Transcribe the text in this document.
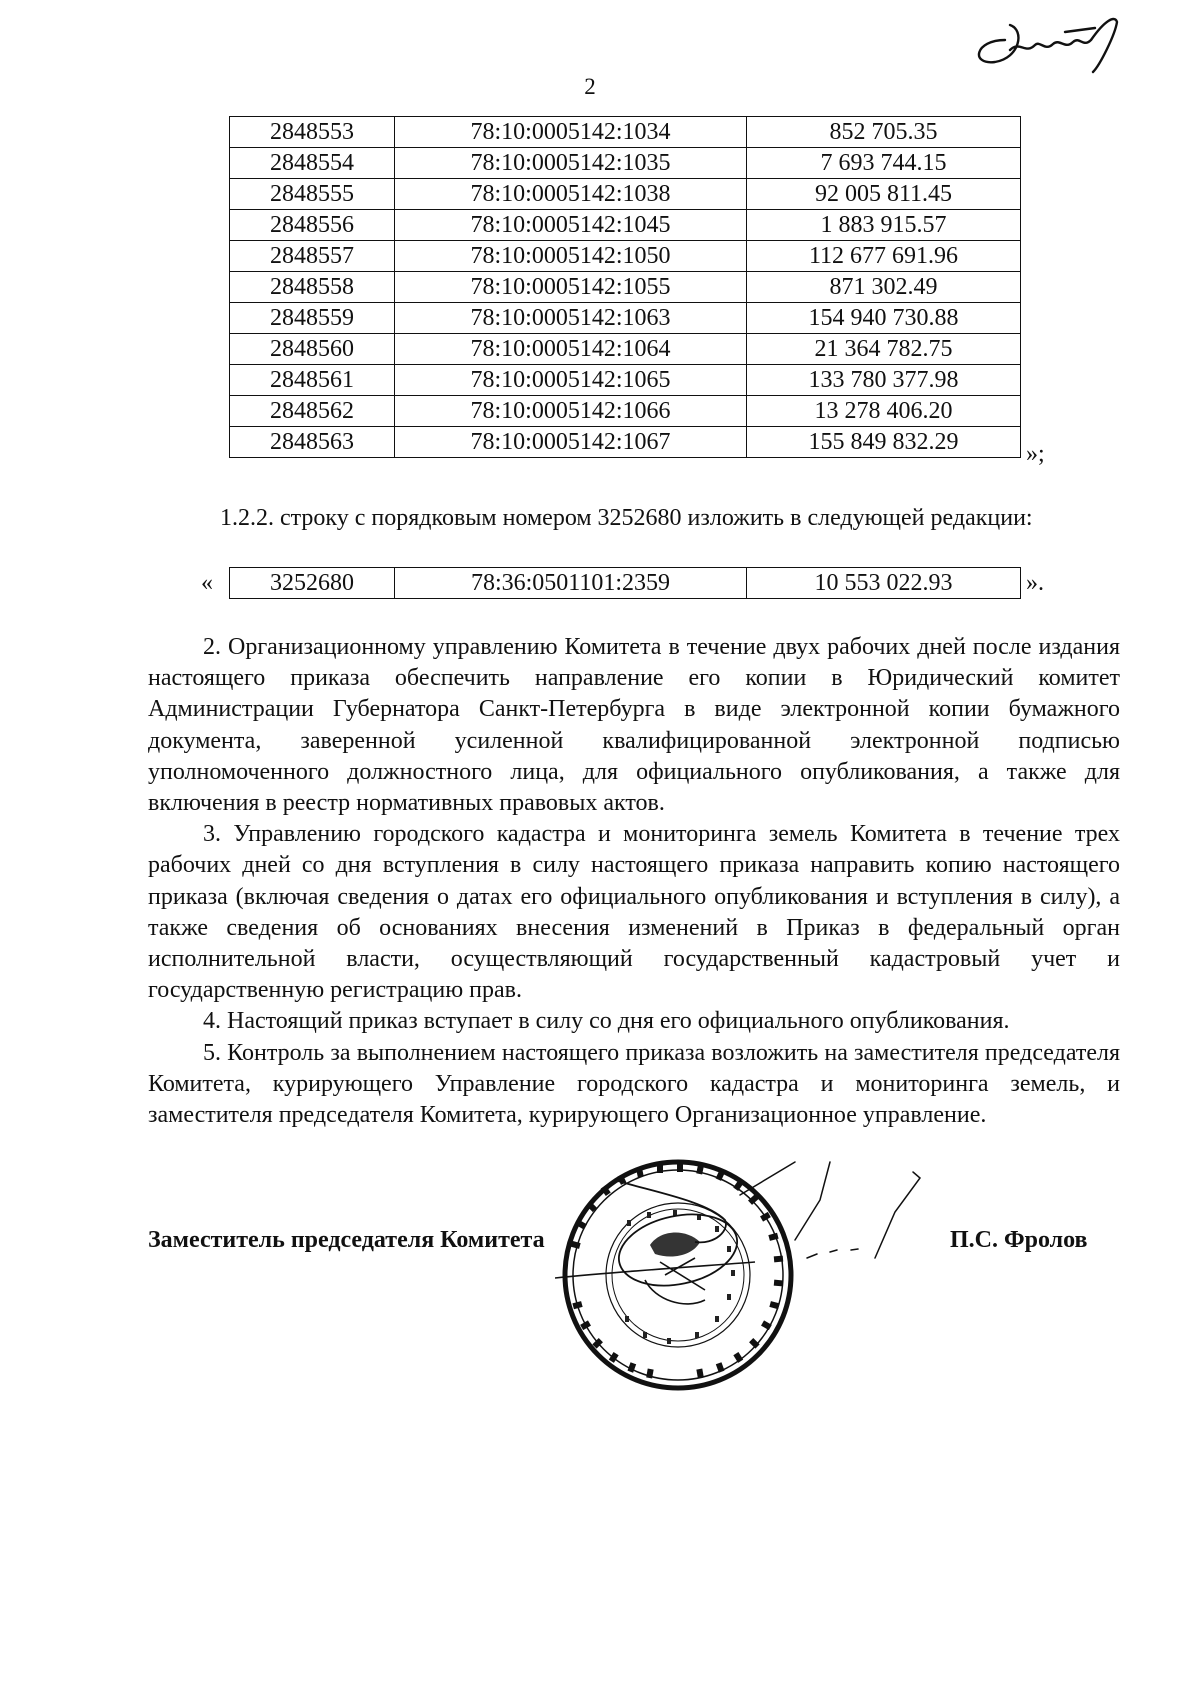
2
2848553	78:10:0005142:1034	852 705.35
2848554	78:10:0005142:1035	7 693 744.15
2848555	78:10:0005142:1038	92 005 811.45
2848556	78:10:0005142:1045	1 883 915.57
2848557	78:10:0005142:1050	112 677 691.96
2848558	78:10:0005142:1055	871 302.49
2848559	78:10:0005142:1063	154 940 730.88
2848560	78:10:0005142:1064	21 364 782.75
2848561	78:10:0005142:1065	133 780 377.98
2848562	78:10:0005142:1066	13 278 406.20
2848563	78:10:0005142:1067	155 849 832.29	»;
1.2.2. строку с порядковым номером 3252680 изложить в следующей редакции:
« 3252680	78:36:0501101:2359	10 553 022.93	».

2. Организационному управлению Комитета в течение двух рабочих дней после издания настоящего приказа обеспечить направление его копии в Юридический комитет Администрации Губернатора Санкт-Петербурга в виде электронной копии бумажного документа, заверенной усиленной квалифицированной электронной подписью уполномоченного должностного лица, для официального опубликования, а также для включения в реестр нормативных правовых актов.

3. Управлению городского кадастра и мониторинга земель Комитета в течение трех рабочих дней со дня вступления в силу настоящего приказа направить копию настоящего приказа (включая сведения о датах его официального опубликования и вступления в силу), а также сведения об основаниях внесения изменений в Приказ в федеральный орган исполнительной власти, осуществляющий государственный кадастровый учет и государственную регистрацию прав.

4. Настоящий приказ вступает в силу со дня его официального опубликования.

5. Контроль за выполнением настоящего приказа возложить на заместителя председателя Комитета, курирующего Управление городского кадастра и мониторинга земель, и заместителя председателя Комитета, курирующего Организационное управление.

Заместитель председателя Комитета	П.С. Фролов
